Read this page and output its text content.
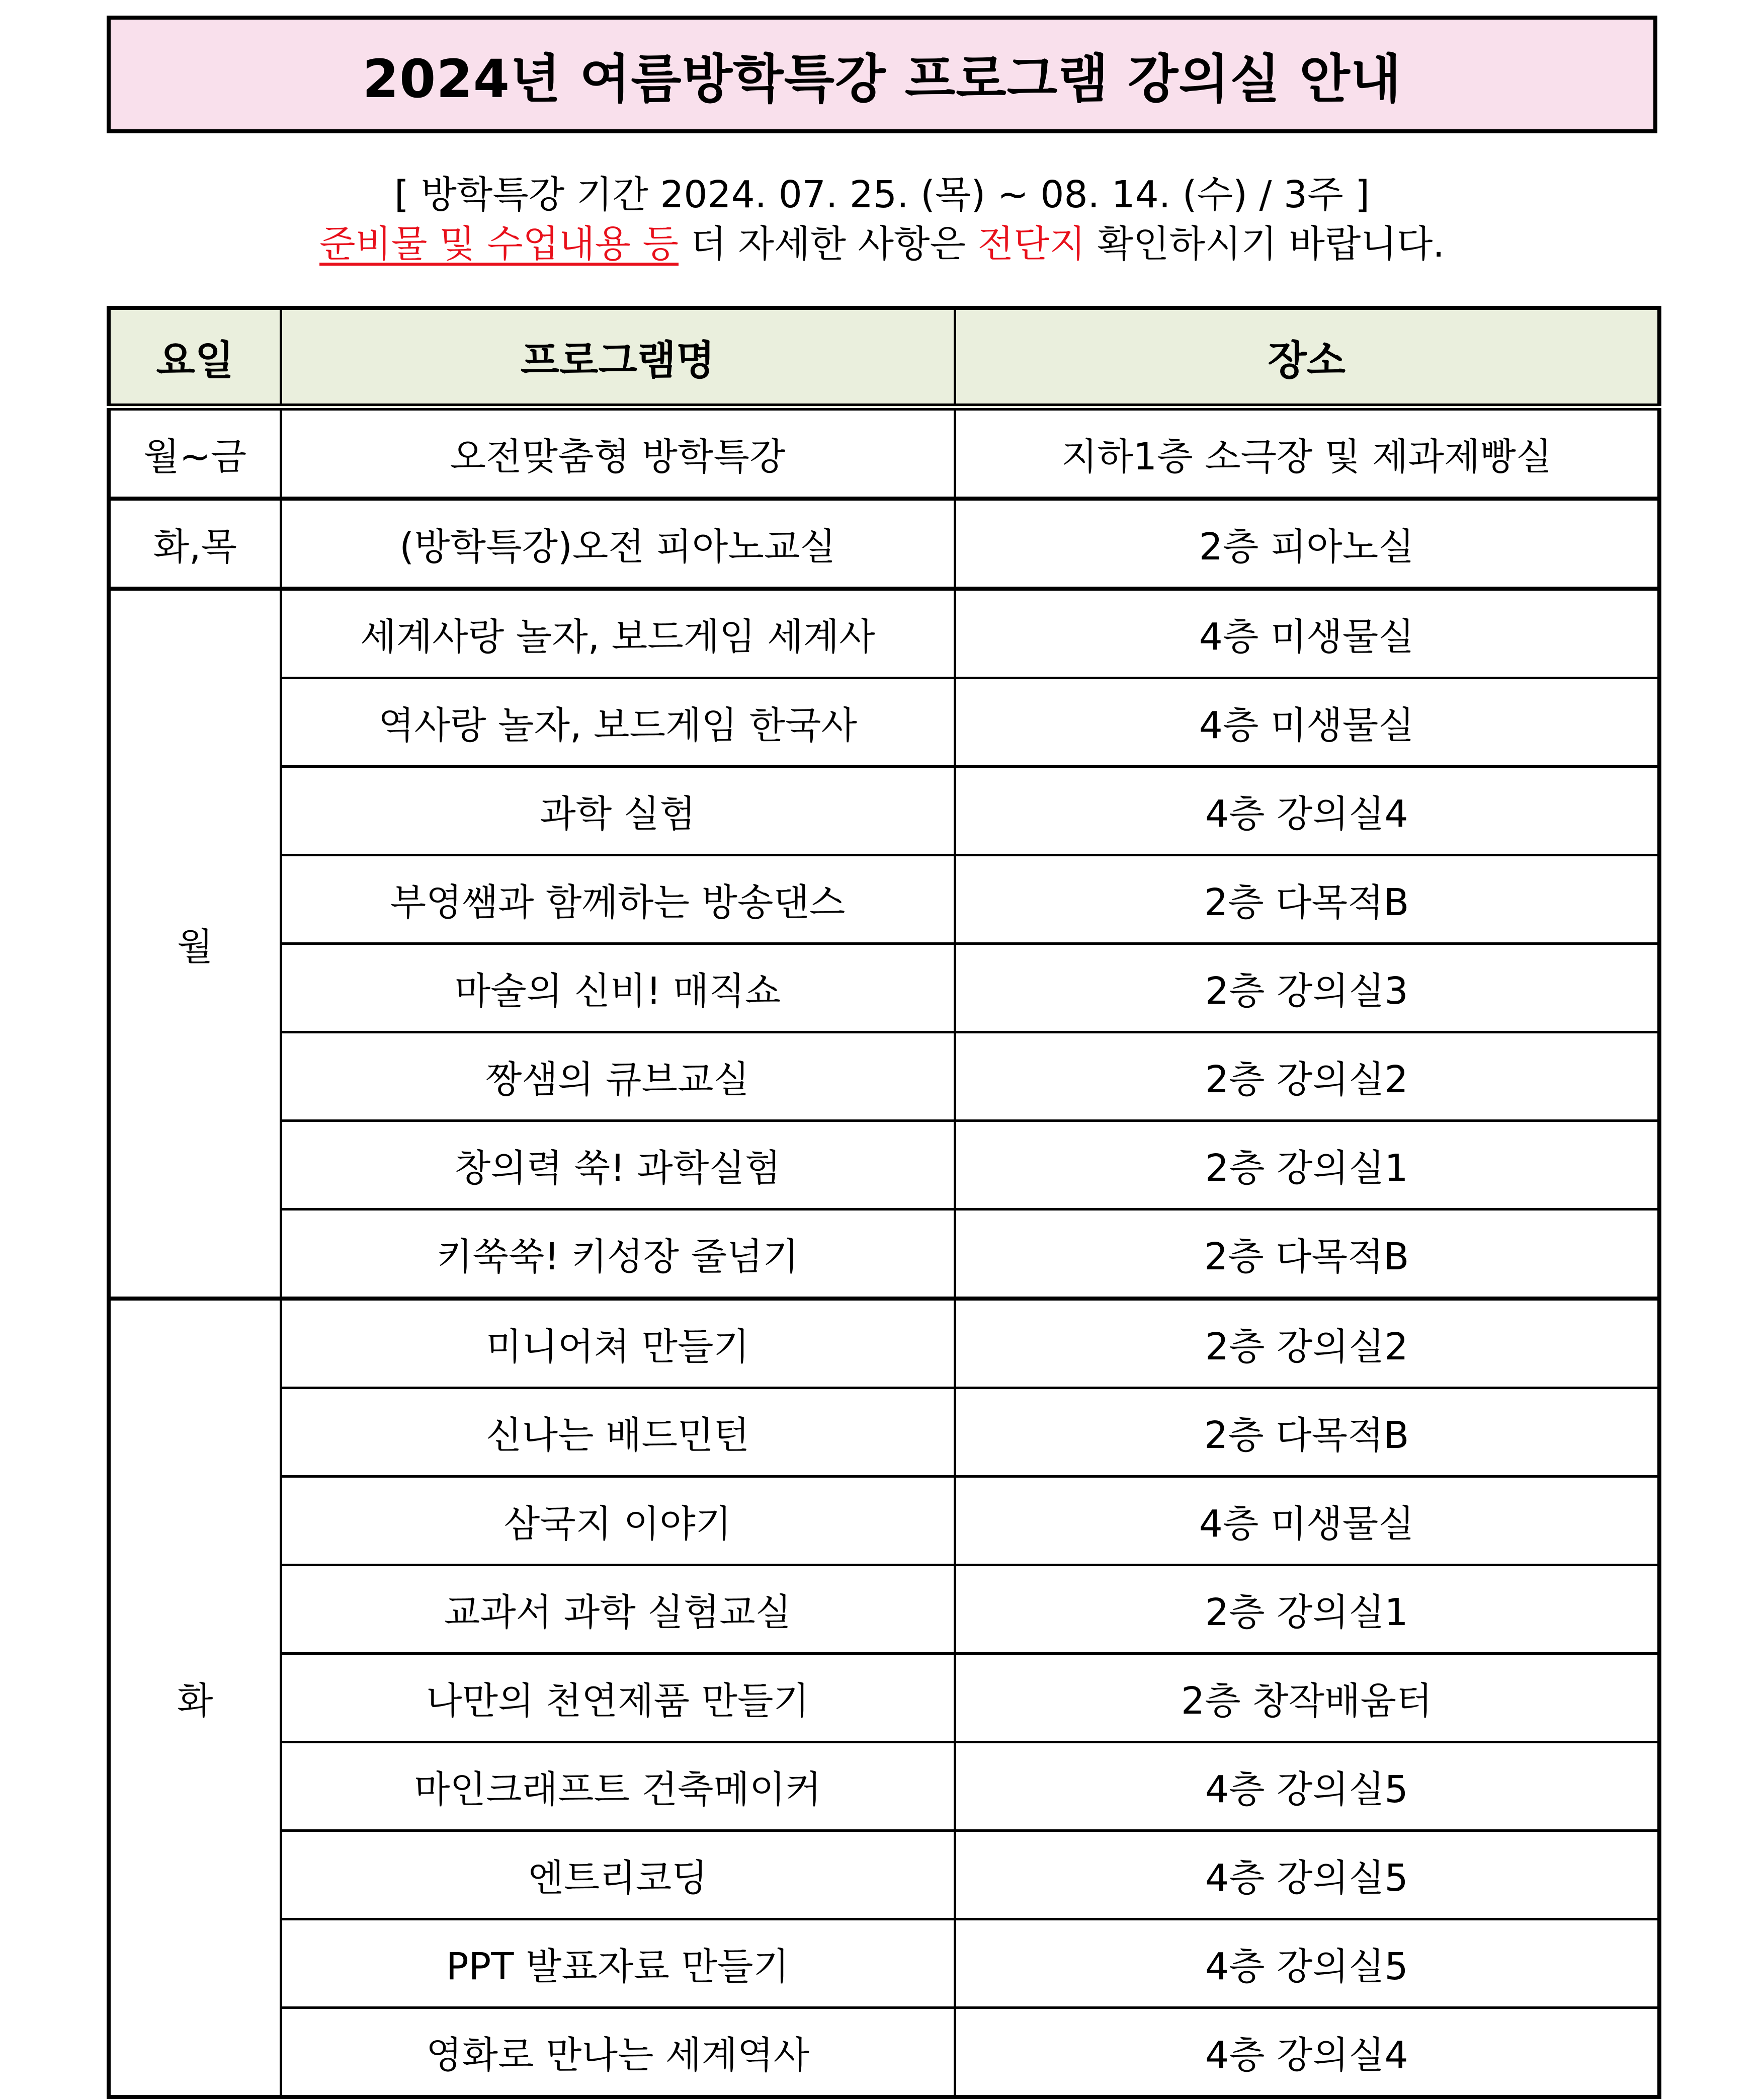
2024년 여름방학특강 프로그램 강의실 안내
[ 방학특강 기간 2024. 07. 25. (목) ~ 08. 14. (수) / 3주 ]
준비물 및 수업내용 등 더 자세한 사항은 전단지 확인하시기 바랍니다.
요일	프로그램명	장소
월~금	오전맞춤형 방학특강	지하1층 소극장 및 제과제빵실
화,목	(방학특강)오전 피아노교실	2층 피아노실
월	세계사랑 놀자, 보드게임 세계사	4층 미생물실
	역사랑 놀자, 보드게임 한국사	4층 미생물실
	과학 실험	4층 강의실4
	부영쌤과 함께하는 방송댄스	2층 다목적B
	마술의 신비! 매직쇼	2층 강의실3
	짱샘의 큐브교실	2층 강의실2
	창의력 쑥! 과학실험	2층 강의실1
	키쑥쑥! 키성장 줄넘기	2층 다목적B
화	미니어쳐 만들기	2층 강의실2
	신나는 배드민턴	2층 다목적B
	삼국지 이야기	4층 미생물실
	교과서 과학 실험교실	2층 강의실1
	나만의 천연제품 만들기	2층 창작배움터
	마인크래프트 건축메이커	4층 강의실5
	엔트리코딩	4층 강의실5
	PPT 발표자료 만들기	4층 강의실5
	영화로 만나는 세계역사	4층 강의실4
